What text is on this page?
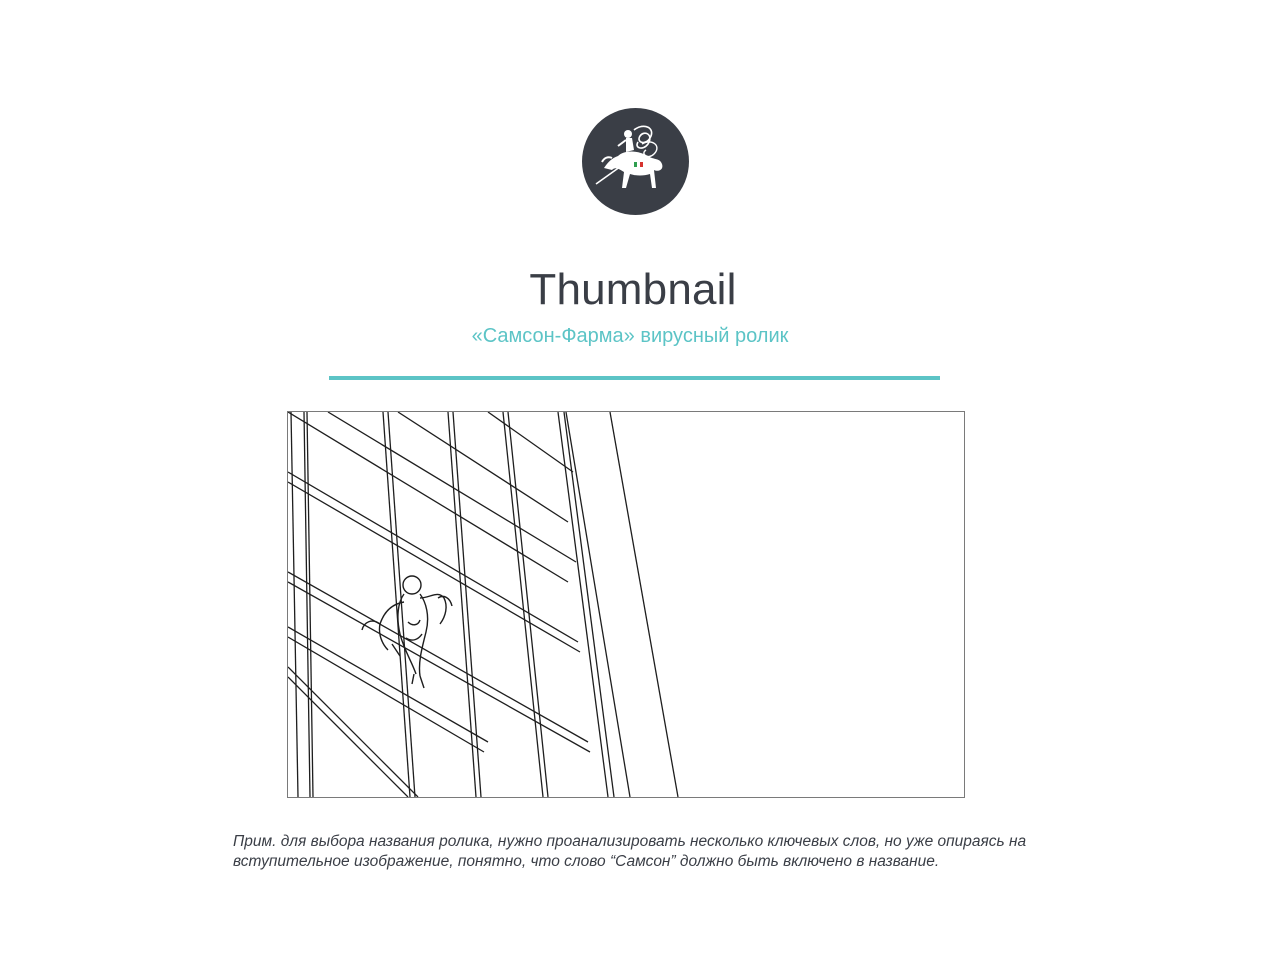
Thumbnail
«Самсон-Фарма» вирусный ролик
Прим. для выбора названия ролика, нужно проанализировать несколько ключевых слов, но уже опираясь на вступительное изображение, понятно, что слово “Самсон” должно быть включено в название.
